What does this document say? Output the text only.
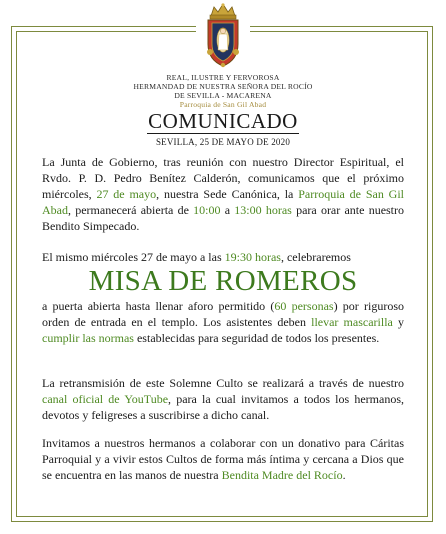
REAL, ILUSTRE Y FERVOROSA
HERMANDAD DE NUESTRA SEÑORA DEL ROCÍO
DE SEVILLA - MACARENA
Parroquia de San Gil Abad
COMUNICADO
SEVILLA, 25 DE MAYO DE 2020
La Junta de Gobierno, tras reunión con nuestro Director Espiritual, el Rvdo. P. D. Pedro Benítez Calderón, comunicamos que el próximo miércoles, 27 de mayo, nuestra Sede Canónica, la Parroquia de San Gil Abad, permanecerá abierta de 10:00 a 13:00 horas para orar ante nuestro Bendito Simpecado.
El mismo miércoles 27 de mayo a las 19:30 horas, celebraremos
MISA DE ROMEROS
a puerta abierta hasta llenar aforo permitido (60 personas) por riguroso orden de entrada en el templo. Los asistentes deben llevar mascarilla y cumplir las normas establecidas para seguridad de todos los presentes.
La retransmisión de este Solemne Culto se realizará a través de nuestro canal oficial de YouTube, para la cual invitamos a todos los hermanos, devotos y feligreses a suscribirse a dicho canal.
Invitamos a nuestros hermanos a colaborar con un donativo para Cáritas Parroquial y a vivir estos Cultos de forma más íntima y cercana a Dios que se encuentra en las manos de nuestra Bendita Madre del Rocío.
